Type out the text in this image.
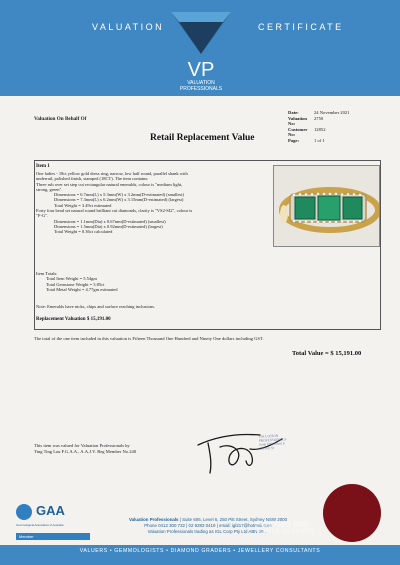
VALUATION	CERTIFICATE
VP
VALUATION
PROFESSIONALS
Date:	24 November 2021
Valuation No:
2750
Customer No:
12852
Page:	1 of 1
Valuation On Behalf Of
Retail Replacement Value
Item 1
One ladies - 18ct yellow gold dress ring, narrow, low half round, parallel shank with
underrail, polished finish, stamped (18CT). The item contains:
Three rub over set step cut rectangular natural emeralds, colour is "medium light,
strong, green".
Dimensions = 6.7mm(L) x 5.3mm(W) x 3.2mm(D-estimated) (smallest)
Dimensions = 7.3mm(L) x 6.2mm(W) x 3.15mm(D-estimated) (largest)
Total Weight = 3.49ct estimated
Forty four bead set natural round brilliant cut diamonds, clarity is "VS2-SI2", colour is
"F-G".
Dimensions = 1.1mm(Dia) x 0.67mm(D-estimated) (smallest)
Dimensions = 1.5mm(Dia) x 0.92mm(D-estimated) (largest)
Total Weight = 0.36ct calculated
Item Totals:
Total Item Weight = 5.54gm
Total Gemstone Weight = 3.85ct
Total Metal Weight = 4.77gm estimated
Note: Emeralds have nicks, chips and surface reaching inclusions.
Replacement Valuation $ 15,191.00
The total of the one item included in this valuation is Fifteen Thousand One Hundred and Ninety One dollars including GST.
Total Value = $ 15,191.00
VALUATION
PROFESSIONALS
Suite 606, Level 6
250 Pitt St
This item was valued for Valuation Professionals by
Ting Ting Lau F.G.A.A., A.A.J.V. Reg Member No.240
GAA
Gemmological Association of Australia
Member
Valuation Professionals | Suite 606, Level 6, 250 Pitt Street, Sydney NSW 2000
Phone 0412 300 732 | 02 9283 0419 | email: igl217@hotmail.com
Valuation Professionals trading as IGL Corp Pty Ltd ABN 25 ...
Scanned with
MOBILE SCANNER
VALUERS • GEMMOLOGISTS • DIAMOND GRADERS • JEWELLERY CONSULTANTS
